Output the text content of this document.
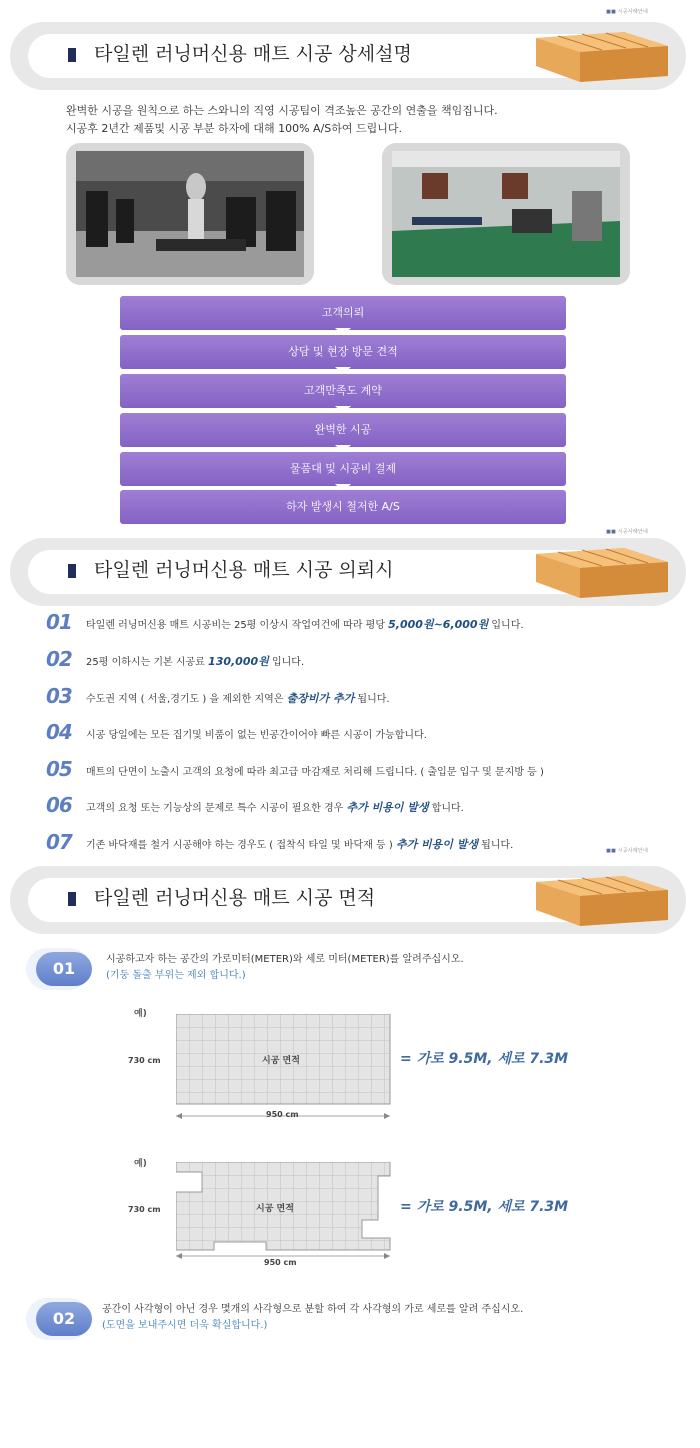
■■ 시공사례안내
타일렌 러닝머신용 매트 시공 상세설명
완벽한 시공을 원칙으로 하는 스와니의 직영 시공팀이 격조높은 공간의 연출을 책임집니다.
시공후 2년간 제품및 시공 부분 하자에 대해 100% A/S하여 드립니다.
고객의뢰
상담 및 현장 방문 견적
고객만족도 계약
완벽한 시공
물품대 및 시공비 결제
하자 발생시 철저한 A/S
■■ 시공사례안내
타일렌 러닝머신용 매트 시공 의뢰시
01 타일렌 러닝머신용 매트 시공비는 25평 이상시 작업여건에 따라 평당 5,000원~6,000원 입니다.
02 25평 이하시는 기본 시공료 130,000원 입니다.
03 수도권 지역 ( 서울,경기도 ) 을 제외한 지역은 출장비가 추가 됩니다.
04 시공 당일에는 모든 집기및 비품이 없는 빈공간이어야 빠른 시공이 가능합니다.
05 매트의 단면이 노출시 고객의 요청에 따라 최고급 마감재로 처리해 드립니다. ( 출입문 입구 및 문지방 등 )
06 고객의 요청 또는 기능상의 문제로 특수 시공이 필요한 경우 추가 비용이 발생 합니다.
07 기존 바닥재를 철거 시공해야 하는 경우도 ( 접착식 타일 및 바닥재 등 ) 추가 비용이 발생 됩니다.
■■	시공사례안내
타일렌 러닝머신용 매트 시공 면적
01	시공하고자 하는 공간의 가로미터(METER)와 세로 미터(METER)를 알려주십시오.
(기둥 돌출 부위는 제외 합니다.)
예)
730 cm	시공 면적
950 cm
= 가로 9.5M, 세로 7.3M
예)
730 cm	시공 면적
950 cm
= 가로 9.5M, 세로 7.3M
02	공간이 사각형이 아닌 경우 몇개의 사각형으로 분할 하여 각 사각형의 가로 세로를 알려 주십시오.
(도면을 보내주시면 더욱 확실합니다.)
